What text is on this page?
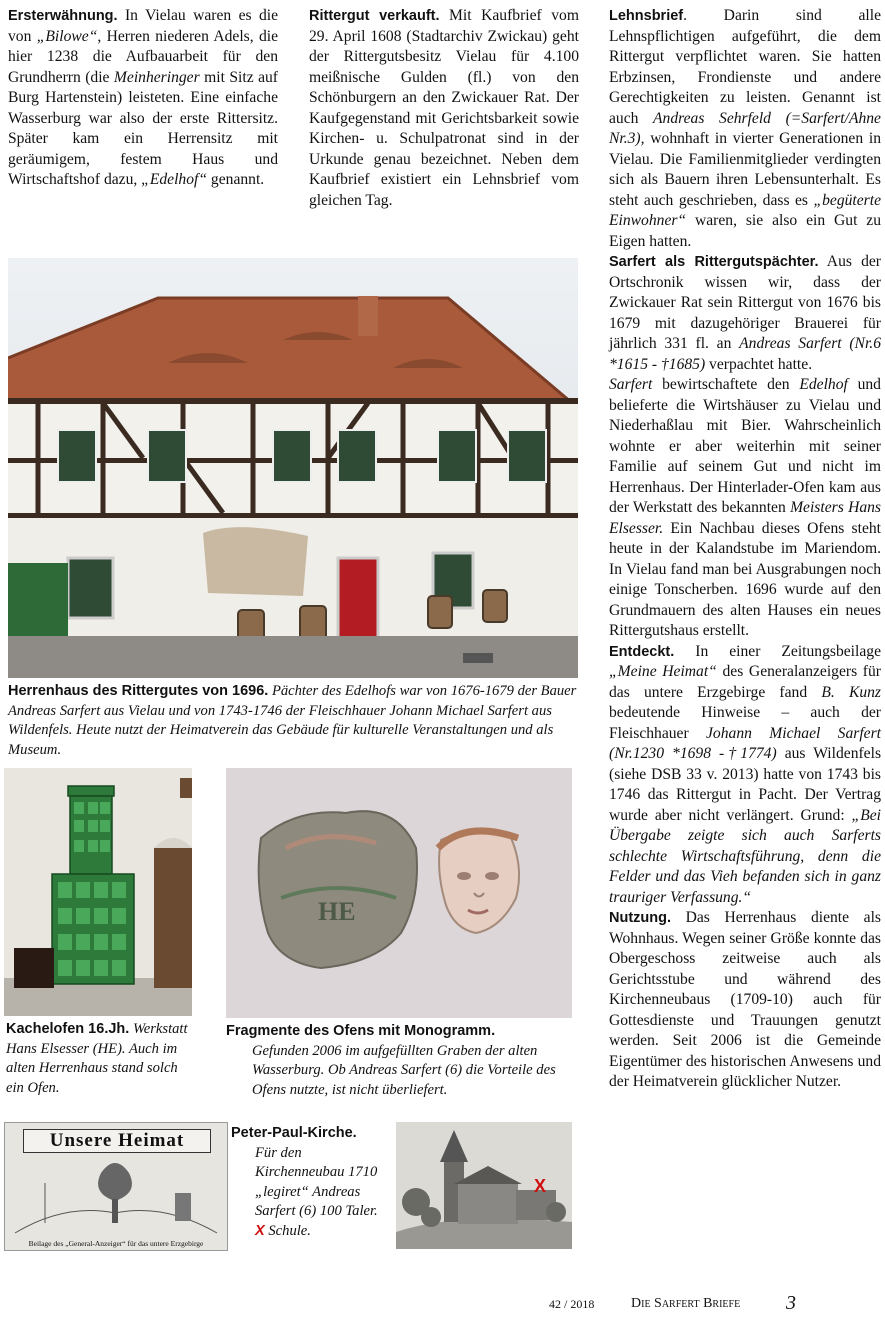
Ersterwähnung. In Vielau waren es die von „Bilowe“, Herren niederen Adels, die hier 1238 die Aufbauarbeit für den Grundherrn (die Meinheringer mit Sitz auf Burg Hartenstein) leisteten. Eine einfache Wasserburg war also der erste Rittersitz. Später kam ein Herrensitz mit geräumigem, festem Haus und Wirtschaftshof dazu, „Edelhof“ genannt.

Rittergut verkauft. Mit Kaufbrief vom 29. April 1608 (Stadtarchiv Zwickau) geht der Rittergutsbesitz Vielau für 4.100 meißnische Gulden (fl.) von den Schönburgern an den Zwickauer Rat. Der Kaufgegenstand mit Gerichtsbarkeit sowie Kirchen- u. Schulpatronat sind in der Urkunde genau bezeichnet. Neben dem Kaufbrief existiert ein Lehnsbrief vom gleichen Tag.

Lehnsbrief. Darin sind alle Lehnspflichtigen aufgeführt, die dem Rittergut verpflichtet waren. Sie hatten Erbzinsen, Frondienste und andere Gerechtigkeiten zu leisten. Genannt ist auch Andreas Sehrfeld (=Sarfert/Ahne Nr.3), wohnhaft in vierter Generationen in Vielau. Die Familienmitglieder verdingten sich als Bauern ihren Lebensunterhalt. Es steht auch geschrieben, dass es „begüterte Einwohner“ waren, sie also ein Gut zu Eigen hatten.

Sarfert als Rittergutspächter. Aus der Ortschronik wissen wir, dass der Zwickauer Rat sein Rittergut von 1676 bis 1679 mit dazugehöriger Brauerei für jährlich 331 fl. an Andreas Sarfert (Nr.6 *1615 - †1685) verpachtet hatte.

Sarfert bewirtschaftete den Edelhof und belieferte die Wirtshäuser zu Vielau und Niederhaßlau mit Bier. Wahrscheinlich wohnte er aber weiterhin mit seiner Familie auf seinem Gut und nicht im Herrenhaus. Der Hinterlader-Ofen kam aus der Werkstatt des bekannten Meisters Hans Elsesser. Ein Nachbau dieses Ofens steht heute in der Kalandstube im Mariendom. In Vielau fand man bei Ausgrabungen noch einige Tonscherben. 1696 wurde auf den Grundmauern des alten Hauses ein neues Rittergutshaus erstellt.

Entdeckt. In einer Zeitungsbeilage „Meine Heimat“ des Generalanzeigers für das untere Erzgebirge fand B. Kunz bedeutende Hinweise – auch der Fleischhauer Johann Michael Sarfert (Nr.1230 *1698 -†1774) aus Wildenfels (siehe DSB 33 v. 2013) hatte von 1743 bis 1746 das Rittergut in Pacht. Der Vertrag wurde aber nicht verlängert. Grund: „Bei Übergabe zeigte sich auch Sarferts schlechte Wirtschaftsführung, denn die Felder und das Vieh befanden sich in ganz trauriger Verfassung.“

Nutzung. Das Herrenhaus diente als Wohnhaus. Wegen seiner Größe konnte das Obergeschoss zeitweise auch als Gerichtsstube und während des Kirchenneubaus (1709-10) auch für Gottesdienste und Trauungen genutzt werden. Seit 2006 ist die Gemeinde Eigentümer des historischen Anwesens und der Heimatverein glücklicher Nutzer.

Herrenhaus des Rittergutes von 1696. Pächter des Edelhofs war von 1676-1679 der Bauer Andreas Sarfert aus Vielau und von 1743-1746 der Fleischhauer Johann Michael Sarfert aus Wildenfels. Heute nutzt der Heimatverein das Gebäude für kulturelle Veranstaltungen und als Museum.
Kachelofen 16.Jh. Werkstatt Hans Elsesser (HE). Auch im alten Herrenhaus stand solch ein Ofen.
HE
Fragmente des Ofens mit Monogramm.
Gefunden 2006 im aufgefüllten Graben der alten Wasserburg. Ob Andreas Sarfert (6) die Vorteile des Ofens nutzte, ist nicht überliefert.
Unsere Heimat
Beilage des „General-Anzeiger“ für das untere Erzgebirge
Peter-Paul-Kirche.
Für den Kirchenneubau 1710 „legiret“ Andreas Sarfert (6) 100 Taler. X Schule.
X
42 / 2018	Die Sarfert Briefe 3
